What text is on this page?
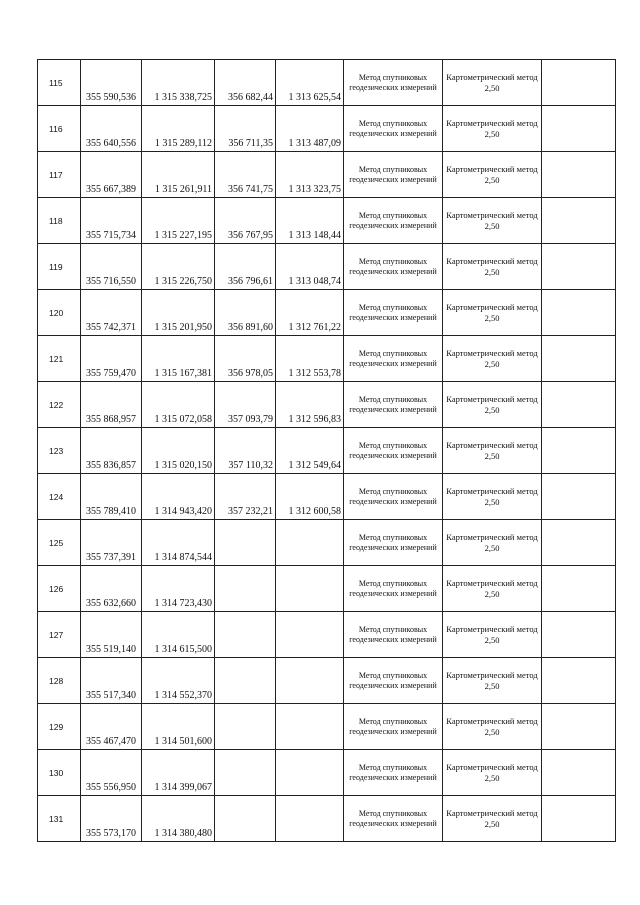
115	355 590,536	1 315 338,725	356 682,44	1 313 625,54	Метод спутниковых геодезических измерений	Картометрический метод 2,50	
116	355 640,556	1 315 289,112	356 711,35	1 313 487,09	Метод спутниковых геодезических измерений	Картометрический метод 2,50	
117	355 667,389	1 315 261,911	356 741,75	1 313 323,75	Метод спутниковых геодезических измерений	Картометрический метод 2,50	
118	355 715,734	1 315 227,195	356 767,95	1 313 148,44	Метод спутниковых геодезических измерений	Картометрический метод 2,50	
119	355 716,550	1 315 226,750	356 796,61	1 313 048,74	Метод спутниковых геодезических измерений	Картометрический метод 2,50	
120	355 742,371	1 315 201,950	356 891,60	1 312 761,22	Метод спутниковых геодезических измерений	Картометрический метод 2,50	
121	355 759,470	1 315 167,381	356 978,05	1 312 553,78	Метод спутниковых геодезических измерений	Картометрический метод 2,50	
122	355 868,957	1 315 072,058	357 093,79	1 312 596,83	Метод спутниковых геодезических измерений	Картометрический метод 2,50	
123	355 836,857	1 315 020,150	357 110,32	1 312 549,64	Метод спутниковых геодезических измерений	Картометрический метод 2,50	
124	355 789,410	1 314 943,420	357 232,21	1 312 600,58	Метод спутниковых геодезических измерений	Картометрический метод 2,50	
125	355 737,391	1 314 874,544			Метод спутниковых геодезических измерений	Картометрический метод 2,50	
126	355 632,660	1 314 723,430			Метод спутниковых геодезических измерений	Картометрический метод 2,50	
127	355 519,140	1 314 615,500			Метод спутниковых геодезических измерений	Картометрический метод 2,50	
128	355 517,340	1 314 552,370			Метод спутниковых геодезических измерений	Картометрический метод 2,50	
129	355 467,470	1 314 501,600			Метод спутниковых геодезических измерений	Картометрический метод 2,50	
130	355 556,950	1 314 399,067			Метод спутниковых геодезических измерений	Картометрический метод 2,50	
131	355 573,170	1 314 380,480			Метод спутниковых геодезических измерений	Картометрический метод 2,50	
